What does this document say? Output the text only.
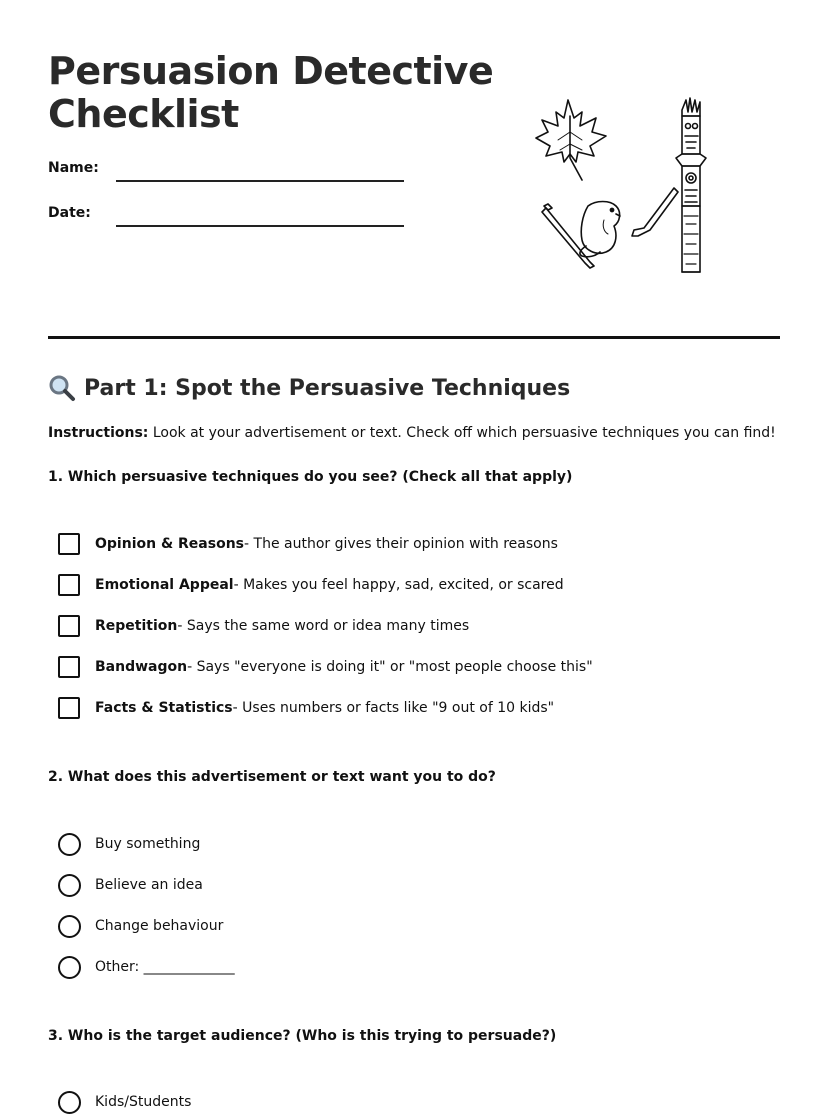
Persuasion Detective
Checklist
Name:
Date:
Part 1: Spot the Persuasive Techniques
Instructions: Look at your advertisement or text. Check off which persuasive techniques you can find!
1. Which persuasive techniques do you see? (Check all that apply)
Opinion & Reasons - The author gives their opinion with reasons
Emotional Appeal - Makes you feel happy, sad, excited, or scared
Repetition - Says the same word or idea many times
Bandwagon - Says "everyone is doing it" or "most people choose this"
Facts & Statistics - Uses numbers or facts like "9 out of 10 kids"
2. What does this advertisement or text want you to do?
Buy something
Believe an idea
Change behaviour
Other: _____________
3. Who is the target audience? (Who is this trying to persuade?)
Kids/Students
